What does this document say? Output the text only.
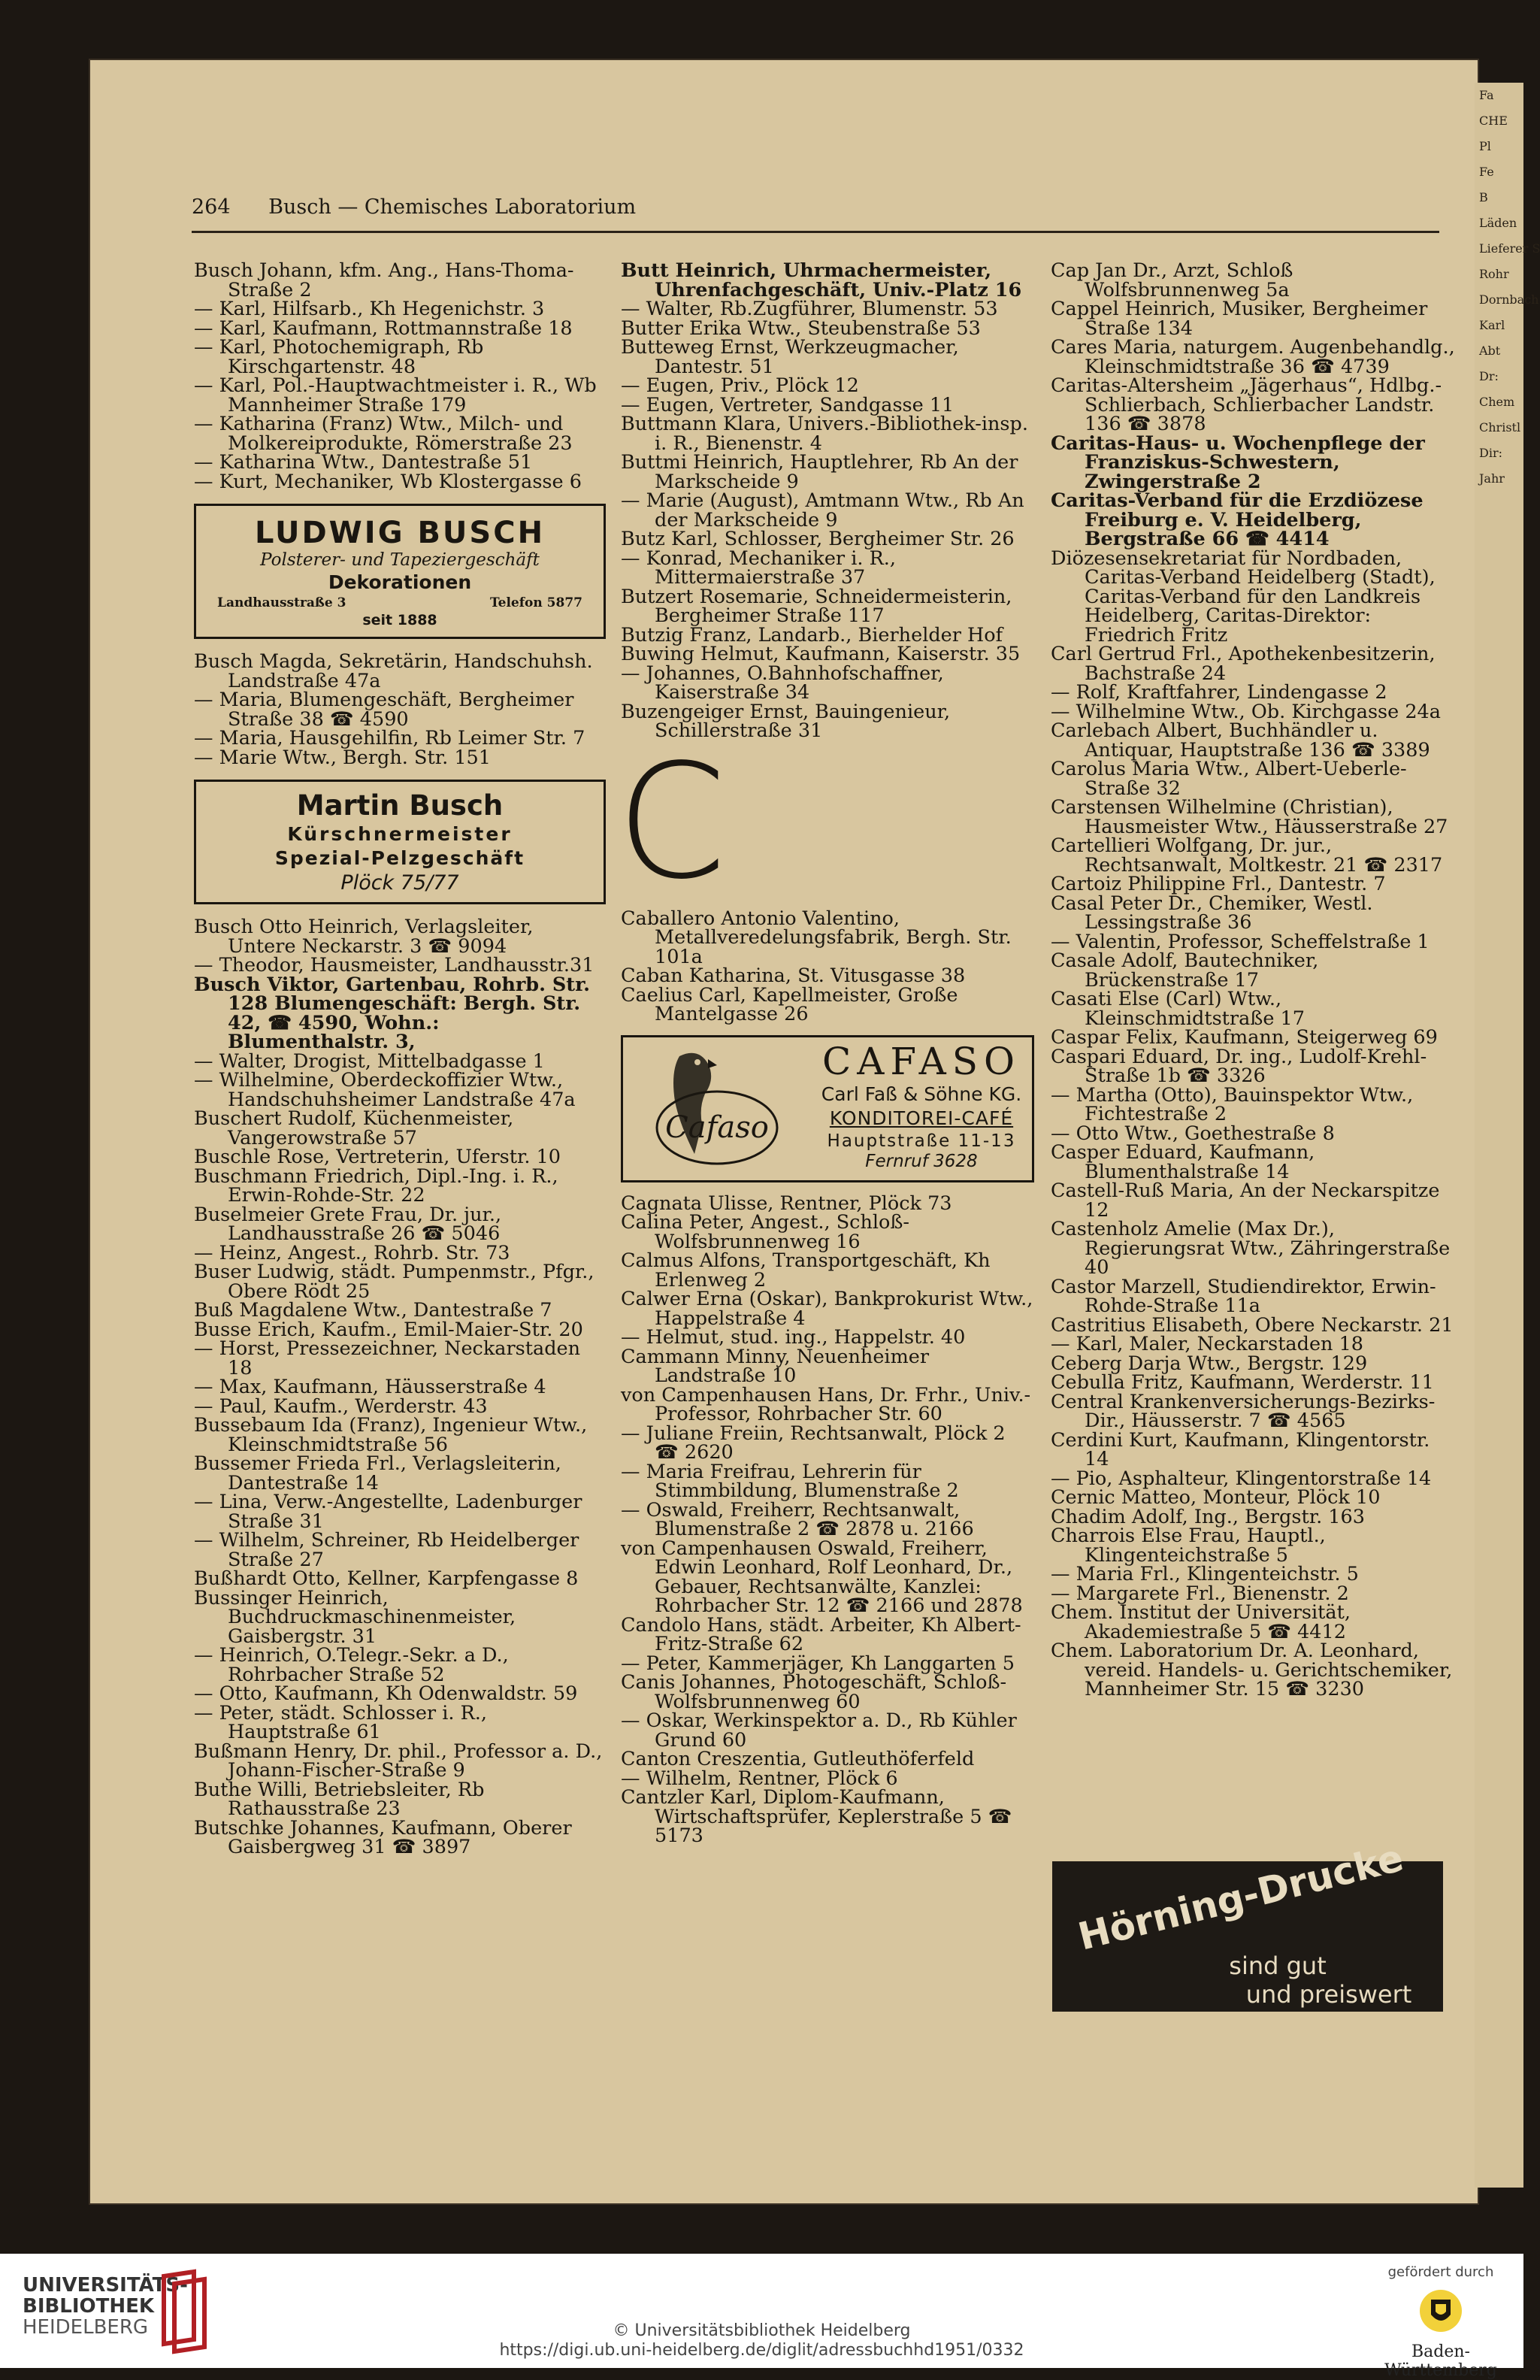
Fa
CHE
Pl
Fe
B
Läden
Lieferer S
Rohr
Dornbach
Karl
Abt
Dr:
Chem
Christl
Dir:
Jahr
264 Busch — Chemisches Laboratorium

Busch Johann, kfm. Ang., Hans-Thoma-Straße 2

— Karl, Hilfsarb., Kh Hegenichstr. 3

— Karl, Kaufmann, Rottmannstraße 18

— Karl, Photochemigraph, Rb Kirschgartenstr. 48

— Karl, Pol.-Hauptwachtmeister i. R., Wb Mannheimer Straße 179

— Katharina (Franz) Wtw., Milch- und Molkereiprodukte, Römerstraße 23

— Katharina Wtw., Dantestraße 51

— Kurt, Mechaniker, Wb Klostergasse 6

LUDWIG BUSCH
Polsterer- und Tapeziergeschäft
Dekorationen
Landhausstraße 3	Telefon 5877
seit 1888

Busch Magda, Sekretärin, Handschuhsh. Landstraße 47a

— Maria, Blumengeschäft, Bergheimer Straße 38 ☎ 4590

— Maria, Hausgehilfin, Rb Leimer Str. 7

— Marie Wtw., Bergh. Str. 151

Martin Busch
Kürschnermeister
Spezial-Pelzgeschäft
Plöck 75/77

Busch Otto Heinrich, Verlagsleiter, Untere Neckarstr. 3 ☎ 9094

— Theodor, Hausmeister, Landhausstr.31

Busch Viktor, Gartenbau, Rohrb. Str. 128 Blumengeschäft: Bergh. Str. 42, ☎ 4590, Wohn.: Blumenthalstr. 3,

— Walter, Drogist, Mittelbadgasse 1

— Wilhelmine, Oberdeckoffizier Wtw., Handschuhsheimer Landstraße 47a

Buschert Rudolf, Küchenmeister, Vangerowstraße 57

Buschle Rose, Vertreterin, Uferstr. 10

Buschmann Friedrich, Dipl.-Ing. i. R., Erwin-Rohde-Str. 22

Buselmeier Grete Frau, Dr. jur., Landhausstraße 26 ☎ 5046

— Heinz, Angest., Rohrb. Str. 73

Buser Ludwig, städt. Pumpenmstr., Pfgr., Obere Rödt 25

Buß Magdalene Wtw., Dantestraße 7

Busse Erich, Kaufm., Emil-Maier-Str. 20

— Horst, Pressezeichner, Neckarstaden 18

— Max, Kaufmann, Häusserstraße 4

— Paul, Kaufm., Werderstr. 43

Bussebaum Ida (Franz), Ingenieur Wtw., Kleinschmidtstraße 56

Bussemer Frieda Frl., Verlagsleiterin, Dantestraße 14

— Lina, Verw.-Angestellte, Ladenburger Straße 31

— Wilhelm, Schreiner, Rb Heidelberger Straße 27

Bußhardt Otto, Kellner, Karpfengasse 8

Bussinger Heinrich, Buchdruckmaschinenmeister, Gaisbergstr. 31

— Heinrich, O.Telegr.-Sekr. a D., Rohrbacher Straße 52

— Otto, Kaufmann, Kh Odenwaldstr. 59

— Peter, städt. Schlosser i. R., Hauptstraße 61

Bußmann Henry, Dr. phil., Professor a. D., Johann-Fischer-Straße 9

Buthe Willi, Betriebsleiter, Rb Rathausstraße 23

Butschke Johannes, Kaufmann, Oberer Gaisbergweg 31 ☎ 3897

Butt Heinrich, Uhrmachermeister, Uhrenfachgeschäft, Univ.-Platz 16

— Walter, Rb.Zugführer, Blumenstr. 53

Butter Erika Wtw., Steubenstraße 53

Butteweg Ernst, Werkzeugmacher, Dantestr. 51

— Eugen, Priv., Plöck 12

— Eugen, Vertreter, Sandgasse 11

Buttmann Klara, Univers.-Bibliothek-insp. i. R., Bienenstr. 4

Buttmi Heinrich, Hauptlehrer, Rb An der Markscheide 9

— Marie (August), Amtmann Wtw., Rb An der Markscheide 9

Butz Karl, Schlosser, Bergheimer Str. 26

— Konrad, Mechaniker i. R., Mittermaierstraße 37

Butzert Rosemarie, Schneidermeisterin, Bergheimer Straße 117

Butzig Franz, Landarb., Bierhelder Hof

Buwing Helmut, Kaufmann, Kaiserstr. 35

— Johannes, O.Bahnhofschaffner, Kaiserstraße 34

Buzengeiger Ernst, Bauingenieur, Schillerstraße 31

C

Caballero Antonio Valentino, Metallveredelungsfabrik, Bergh. Str. 101a

Caban Katharina, St. Vitusgasse 38

Caelius Carl, Kapellmeister, Große Mantelgasse 26

Cafaso
CAFASO
Carl Faß & Söhne KG.
KONDITOREI-CAFÉ
Hauptstraße 11-13
Fernruf 3628

Cagnata Ulisse, Rentner, Plöck 73

Calina Peter, Angest., Schloß-Wolfsbrunnenweg 16

Calmus Alfons, Transportgeschäft, Kh Erlenweg 2

Calwer Erna (Oskar), Bankprokurist Wtw., Happelstraße 4

— Helmut, stud. ing., Happelstr. 40

Cammann Minny, Neuenheimer Landstraße 10

von Campenhausen Hans, Dr. Frhr., Univ.-Professor, Rohrbacher Str. 60

— Juliane Freiin, Rechtsanwalt, Plöck 2 ☎ 2620

— Maria Freifrau, Lehrerin für Stimmbildung, Blumenstraße 2

— Oswald, Freiherr, Rechtsanwalt, Blumenstraße 2 ☎ 2878 u. 2166

von Campenhausen Oswald, Freiherr, Edwin Leonhard, Rolf Leonhard, Dr., Gebauer, Rechtsanwälte, Kanzlei: Rohrbacher Str. 12 ☎ 2166 und 2878

Candolo Hans, städt. Arbeiter, Kh Albert-Fritz-Straße 62

— Peter, Kammerjäger, Kh Langgarten 5

Canis Johannes, Photogeschäft, Schloß-Wolfsbrunnenweg 60

— Oskar, Werkinspektor a. D., Rb Kühler Grund 60

Canton Creszentia, Gutleuthöferfeld

— Wilhelm, Rentner, Plöck 6

Cantzler Karl, Diplom-Kaufmann, Wirtschaftsprüfer, Keplerstraße 5 ☎ 5173

Cap Jan Dr., Arzt, Schloß Wolfsbrunnenweg 5a

Cappel Heinrich, Musiker, Bergheimer Straße 134

Cares Maria, naturgem. Augenbehandlg., Kleinschmidtstraße 36 ☎ 4739

Caritas-Altersheim „Jägerhaus“, Hdlbg.-Schlierbach, Schlierbacher Landstr. 136 ☎ 3878

Caritas-Haus- u. Wochenpflege der Franziskus-Schwestern, Zwingerstraße 2

Caritas-Verband für die Erzdiözese Freiburg e. V. Heidelberg, Bergstraße 66 ☎ 4414

Diözesensekretariat für Nordbaden, Caritas-Verband Heidelberg (Stadt), Caritas-Verband für den Landkreis Heidelberg, Caritas-Direktor: Friedrich Fritz

Carl Gertrud Frl., Apothekenbesitzerin, Bachstraße 24

— Rolf, Kraftfahrer, Lindengasse 2

— Wilhelmine Wtw., Ob. Kirchgasse 24a

Carlebach Albert, Buchhändler u. Antiquar, Hauptstraße 136 ☎ 3389

Carolus Maria Wtw., Albert-Ueberle-Straße 32

Carstensen Wilhelmine (Christian), Hausmeister Wtw., Häusserstraße 27

Cartellieri Wolfgang, Dr. jur., Rechtsanwalt, Moltkestr. 21 ☎ 2317

Cartoiz Philippine Frl., Dantestr. 7

Casal Peter Dr., Chemiker, Westl. Lessingstraße 36

— Valentin, Professor, Scheffelstraße 1

Casale Adolf, Bautechniker, Brückenstraße 17

Casati Else (Carl) Wtw., Kleinschmidtstraße 17

Caspar Felix, Kaufmann, Steigerweg 69

Caspari Eduard, Dr. ing., Ludolf-Krehl-Straße 1b ☎ 3326

— Martha (Otto), Bauinspektor Wtw., Fichtestraße 2

— Otto Wtw., Goethestraße 8

Casper Eduard, Kaufmann, Blumenthalstraße 14

Castell-Ruß Maria, An der Neckarspitze 12

Castenholz Amelie (Max Dr.), Regierungsrat Wtw., Zähringerstraße 40

Castor Marzell, Studiendirektor, Erwin-Rohde-Straße 11a

Castritius Elisabeth, Obere Neckarstr. 21

— Karl, Maler, Neckarstaden 18

Ceberg Darja Wtw., Bergstr. 129

Cebulla Fritz, Kaufmann, Werderstr. 11

Central Krankenversicherungs-Bezirks-Dir., Häusserstr. 7 ☎ 4565

Cerdini Kurt, Kaufmann, Klingentorstr. 14

— Pio, Asphalteur, Klingentorstraße 14

Cernic Matteo, Monteur, Plöck 10

Chadim Adolf, Ing., Bergstr. 163

Charrois Else Frau, Hauptl., Klingenteichstraße 5

— Maria Frl., Klingenteichstr. 5

— Margarete Frl., Bienenstr. 2

Chem. Institut der Universität, Akademiestraße 5 ☎ 4412

Chem. Laboratorium Dr. A. Leonhard, vereid. Handels- u. Gerichtschemiker, Mannheimer Str. 15 ☎ 3230

Hörning-Drucke
sind gut
und preiswert
UNIVERSITÄTS-
BIBLIOTHEK
HEIDELBERG	© Universitätsbibliothek Heidelberg
https://digi.ub.uni-heidelberg.de/diglit/adressbuchhd1951/0332
gefördert durch
Baden-Württemberg
